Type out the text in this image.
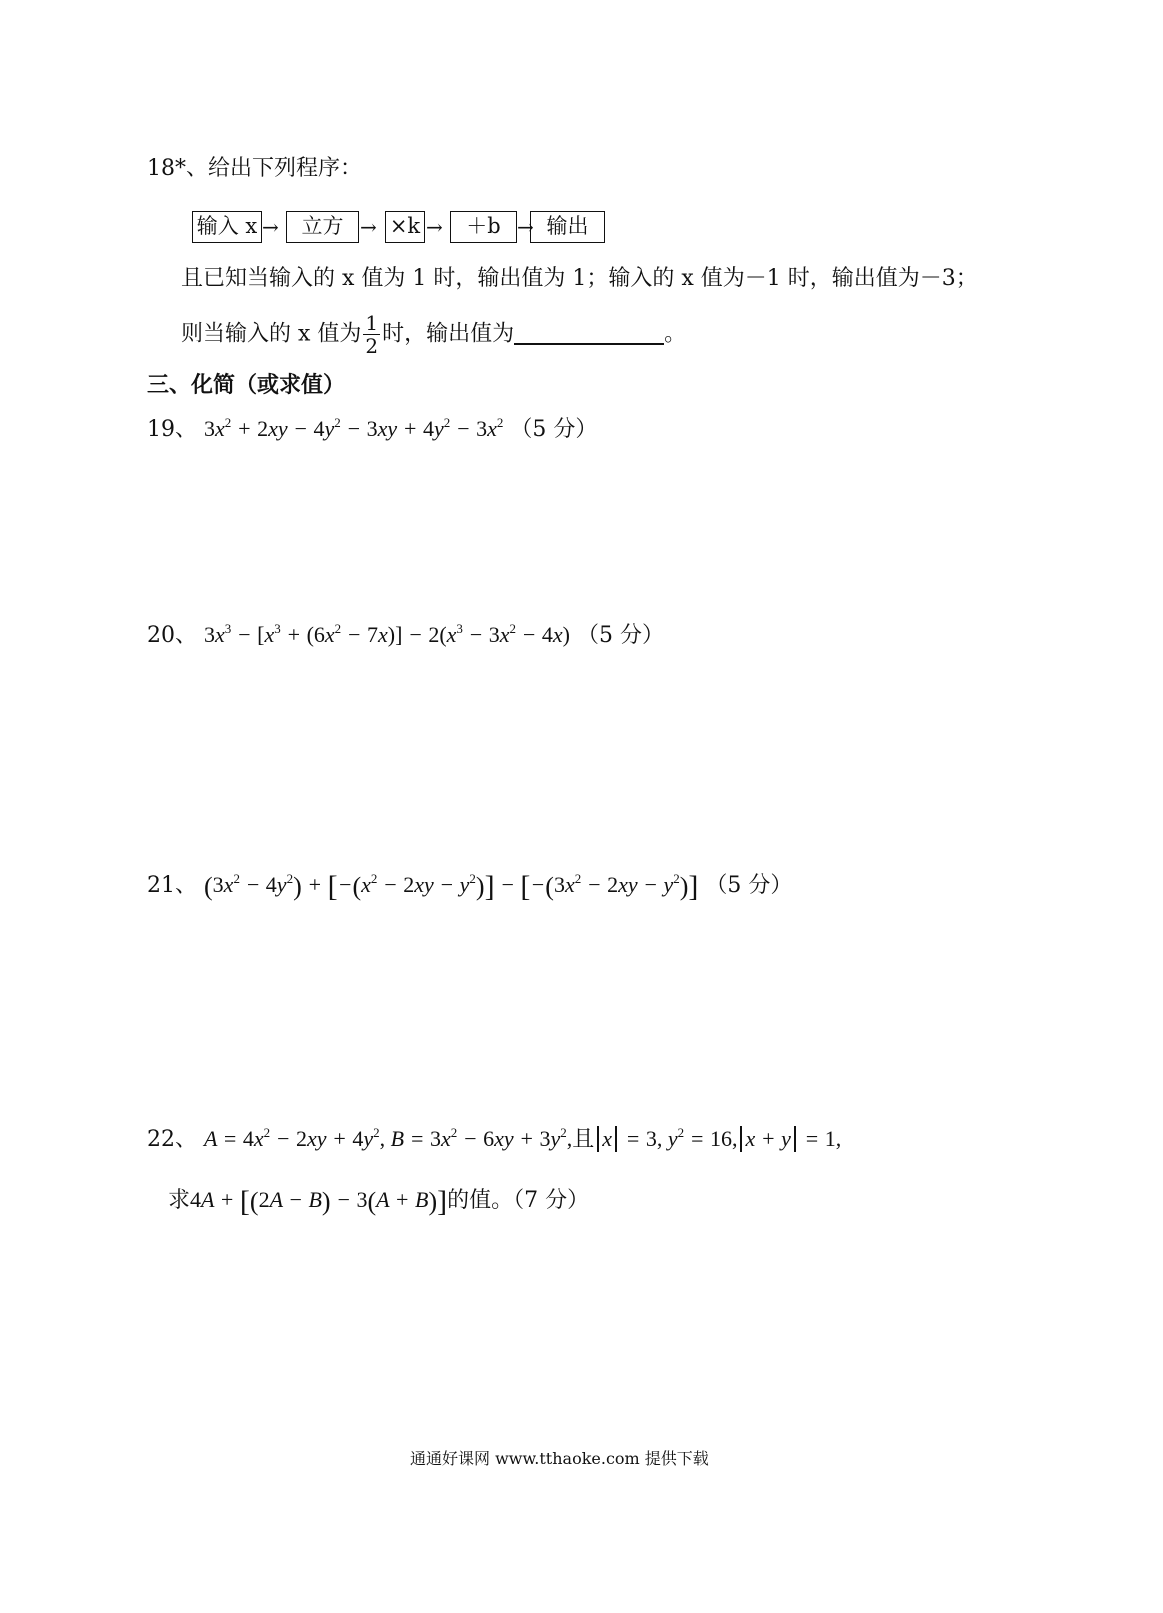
18*、给出下列程序：
输入 x →	立方 → ×k →	＋b → 输出
且已知当输入的 x 值为 1 时，输出值为 1；输入的 x 值为－1 时，输出值为－3；
则当输入的 x 值为 $\frac{1}{2}$ 时，输出值为	。
三、化简（或求值）
19、 $3x^2 + 2xy - 4y^2 - 3xy + 4y^2 - 3x^2$ （5 分）
20、 $3x^3 - [x^3 + (6x^2 - 7x)] - 2(x^3 - 3x^2 - 4x)$ （5 分）
21、 $(3x^2 - 4y^2) + [-(x^2 - 2xy - y^2)] - [-(3x^2 - 2xy - y^2)]$ （5 分）
22、 $A = 4x^2 - 2xy + 4y^2$, $B = 3x^2 - 6xy + 3y^2$,且 x = 3, $y^2 = 16$, x + y = 1,
求4A + [(2A − B) − 3(A + B)]的值。（7 分）
通通好课网 www.tthaoke.com 提供下载
